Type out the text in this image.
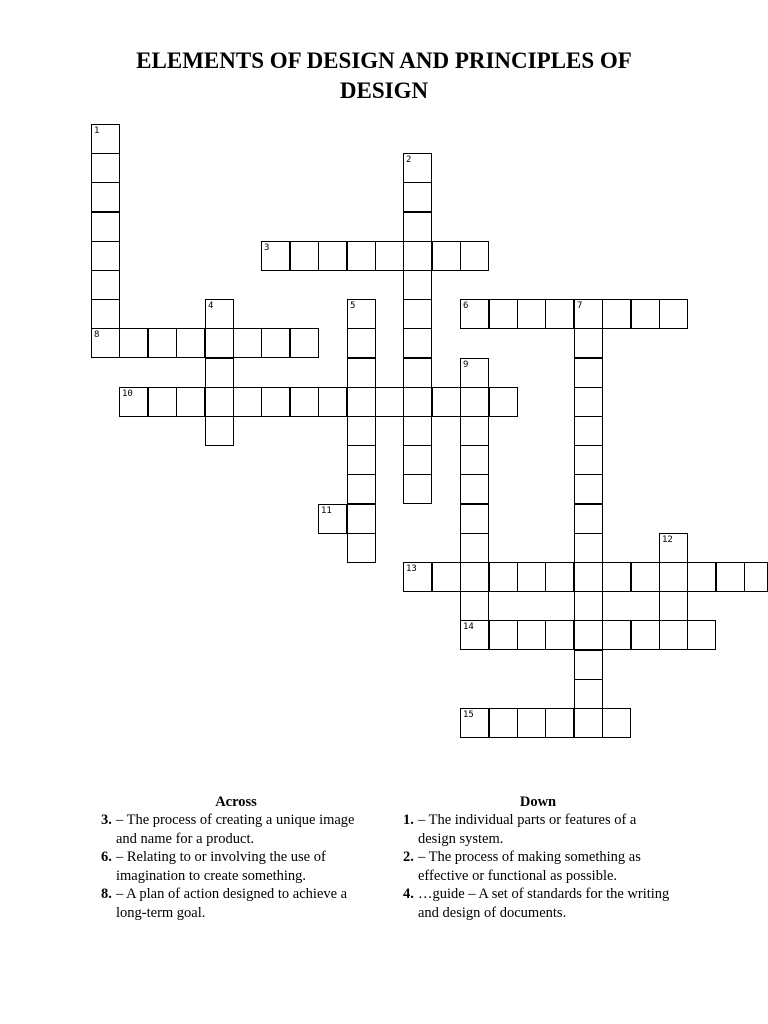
ELEMENTS OF DESIGN AND PRINCIPLES OF
DESIGN
1
8
2
3
4	5	6	7
9
14
10
11
12
13
15
Across
3. – The process of creating a unique image and name for a product.
6. – Relating to or involving the use of imagination to create something.
8. – A plan of action designed to achieve a long-term goal.
Down
1. – The individual parts or features of a design system.
2. – The process of making something as effective or functional as possible.
4. …guide – A set of standards for the writing and design of documents.
